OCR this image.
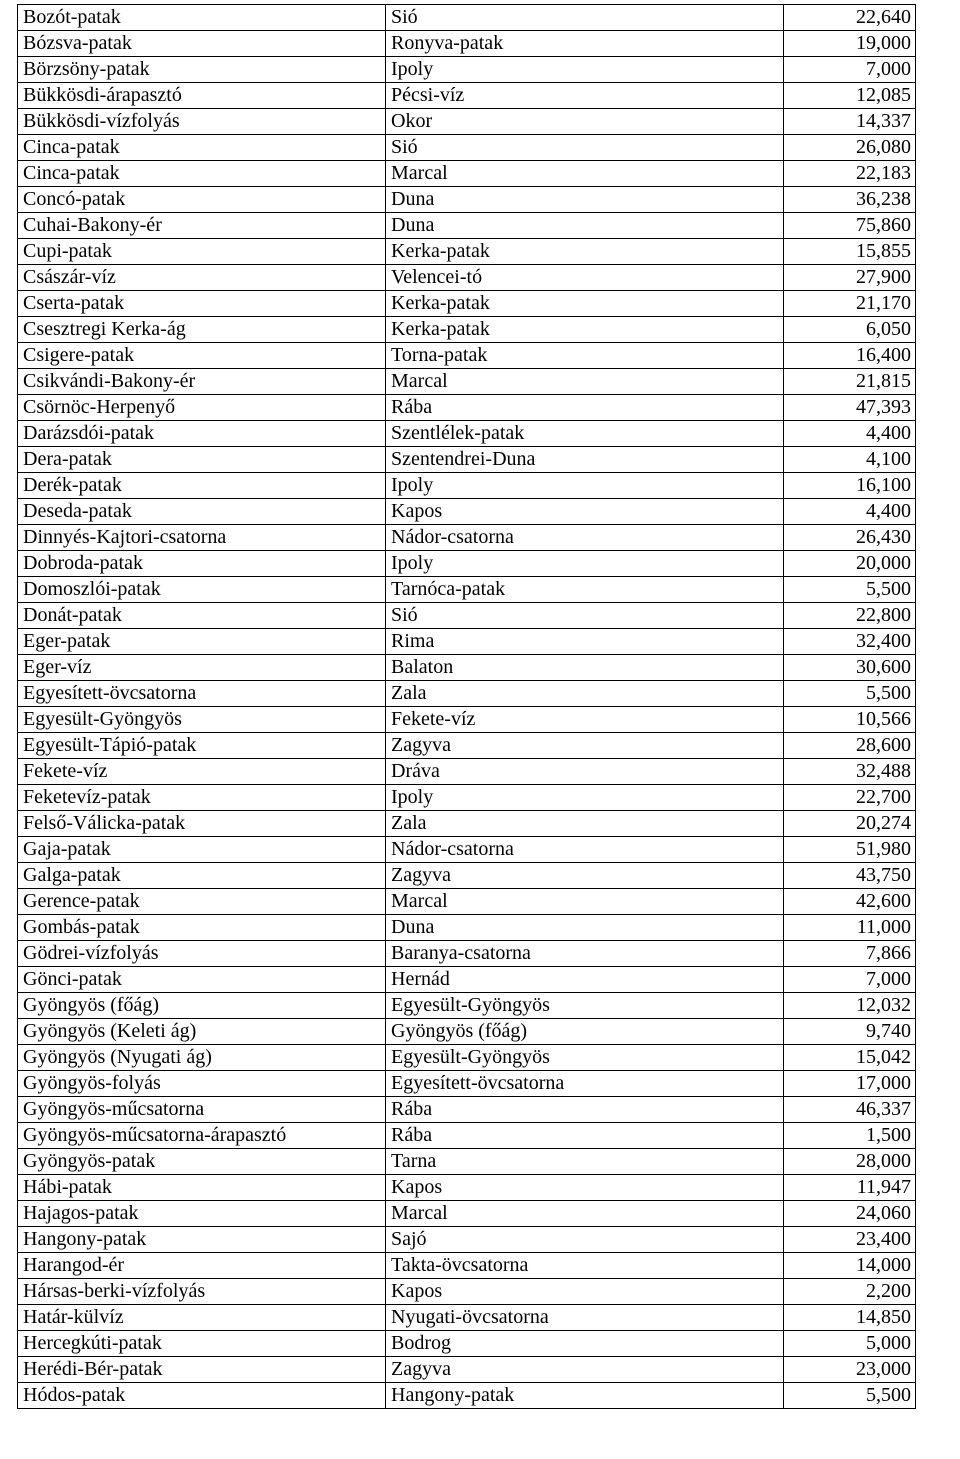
Bozót-patak	Sió	22,640
Bózsva-patak	Ronyva-patak	19,000
Börzsöny-patak	Ipoly	7,000
Bükkösdi-árapasztó	Pécsi-víz	12,085
Bükkösdi-vízfolyás	Okor	14,337
Cinca-patak	Sió	26,080
Cinca-patak	Marcal	22,183
Concó-patak	Duna	36,238
Cuhai-Bakony-ér	Duna	75,860
Cupi-patak	Kerka-patak	15,855
Császár-víz	Velencei-tó	27,900
Cserta-patak	Kerka-patak	21,170
Csesztregi Kerka-ág	Kerka-patak	6,050
Csigere-patak	Torna-patak	16,400
Csikvándi-Bakony-ér	Marcal	21,815
Csörnöc-Herpenyő	Rába	47,393
Darázsdói-patak	Szentlélek-patak	4,400
Dera-patak	Szentendrei-Duna	4,100
Derék-patak	Ipoly	16,100
Deseda-patak	Kapos	4,400
Dinnyés-Kajtori-csatorna	Nádor-csatorna	26,430
Dobroda-patak	Ipoly	20,000
Domoszlói-patak	Tarnóca-patak	5,500
Donát-patak	Sió	22,800
Eger-patak	Rima	32,400
Eger-víz	Balaton	30,600
Egyesített-övcsatorna	Zala	5,500
Egyesült-Gyöngyös	Fekete-víz	10,566
Egyesült-Tápió-patak	Zagyva	28,600
Fekete-víz	Dráva	32,488
Feketevíz-patak	Ipoly	22,700
Felső-Válicka-patak	Zala	20,274
Gaja-patak	Nádor-csatorna	51,980
Galga-patak	Zagyva	43,750
Gerence-patak	Marcal	42,600
Gombás-patak	Duna	11,000
Gödrei-vízfolyás	Baranya-csatorna	7,866
Gönci-patak	Hernád	7,000
Gyöngyös (főág)	Egyesült-Gyöngyös	12,032
Gyöngyös (Keleti ág)	Gyöngyös (főág)	9,740
Gyöngyös (Nyugati ág)	Egyesült-Gyöngyös	15,042
Gyöngyös-folyás	Egyesített-övcsatorna	17,000
Gyöngyös-műcsatorna	Rába	46,337
Gyöngyös-műcsatorna-árapasztó	Rába	1,500
Gyöngyös-patak	Tarna	28,000
Hábi-patak	Kapos	11,947
Hajagos-patak	Marcal	24,060
Hangony-patak	Sajó	23,400
Harangod-ér	Takta-övcsatorna	14,000
Hársas-berki-vízfolyás	Kapos	2,200
Határ-külvíz	Nyugati-övcsatorna	14,850
Hercegkúti-patak	Bodrog	5,000
Herédi-Bér-patak	Zagyva	23,000
Hódos-patak	Hangony-patak	5,500
